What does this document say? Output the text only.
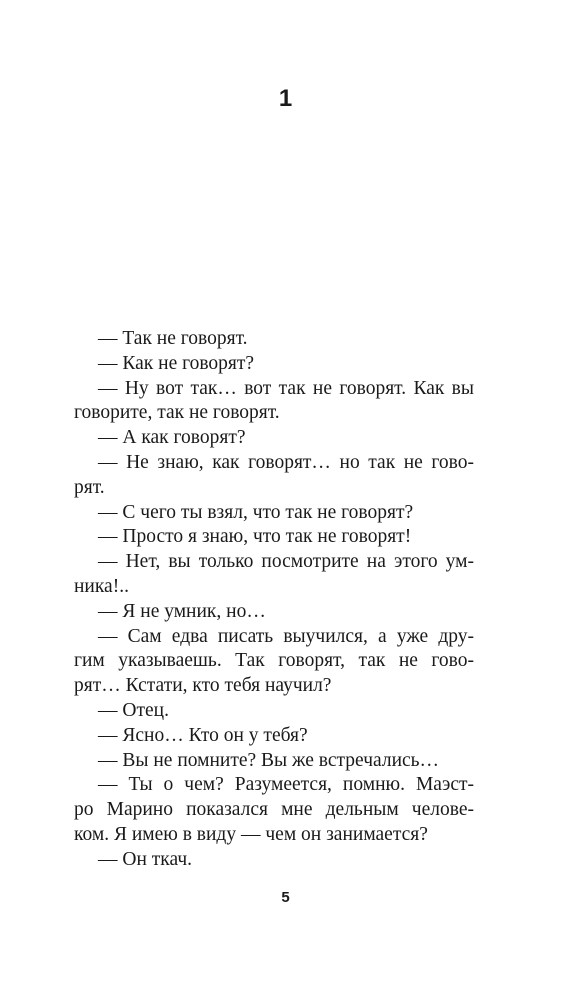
1
— Так не говорят.
— Как не говорят?
— Ну вот так… вот так не говорят. Как вы
говорите, так не говорят.
— А как говорят?
— Не знаю, как говорят… но так не гово-
рят.
— С чего ты взял, что так не говорят?
— Просто я знаю, что так не говорят!
— Нет, вы только посмотрите на этого ум-
ника!..
— Я не умник, но…
— Сам едва писать выучился, а уже дру-
гим указываешь. Так говорят, так не гово-
рят… Кстати, кто тебя научил?
— Отец.
— Ясно… Кто он у тебя?
— Вы не помните? Вы же встречались…
— Ты о чем? Разумеется, помню. Маэст-
ро Марино показался мне дельным челове-
ком. Я имею в виду — чем он занимается?
— Он ткач.
5
